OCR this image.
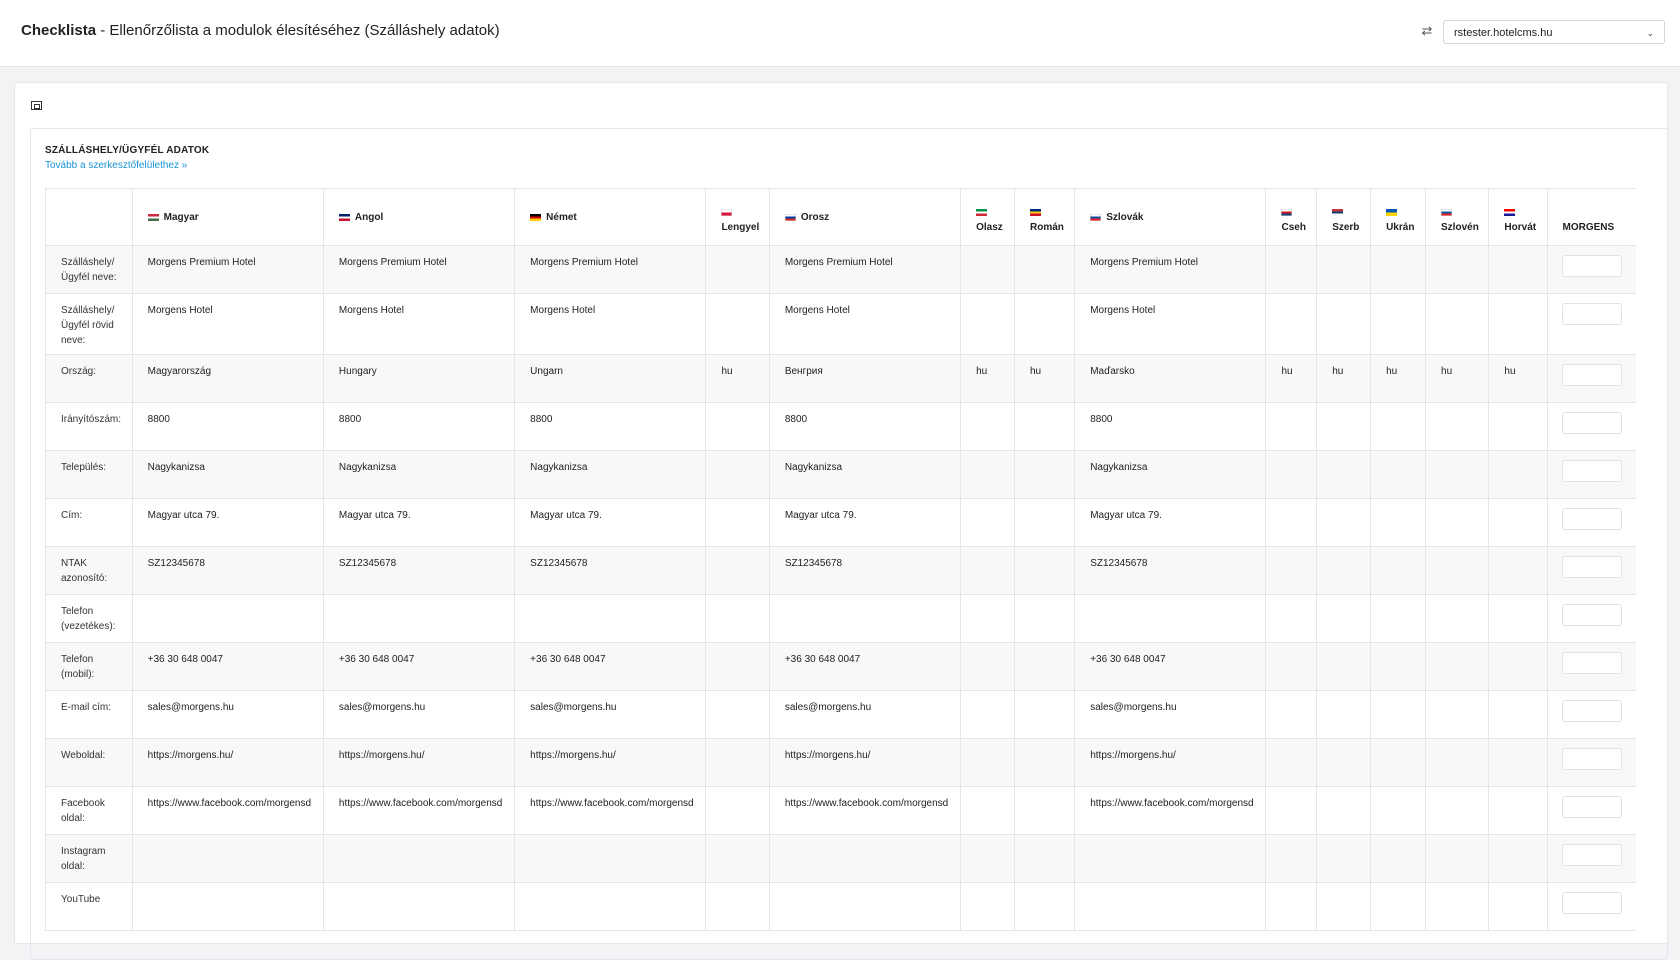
Checklista - Ellenőrzőlista a modulok élesítéséhez (Szálláshely adatok)	⇄	rstester.hotelcms.hu	⌄
SZÁLLÁSHELY/ÜGYFÉL ADATOK
Tovább a szerkesztőfelülethez »
	Magyar	Angol	Német	Lengyel	Orosz	Olasz	Román	Szlovák	Cseh	Szerb	Ukrán	Szlovén	Horvát	MORGENS
Szálláshely/ Ügyfél neve:	Morgens Premium Hotel	Morgens Premium Hotel	Morgens Premium Hotel		Morgens Premium Hotel			Morgens Premium Hotel						

Szálláshely/ Ügyfél rövid neve:	Morgens Hotel	Morgens Hotel	Morgens Hotel		Morgens Hotel			Morgens Hotel						

Ország:	Magyarország	Hungary	Ungarn	hu	Венгрия	hu	hu	Maďarsko	hu	hu	hu	hu	hu	

Irányítószám:	8800	8800	8800		8800			8800						

Település:	Nagykanizsa	Nagykanizsa	Nagykanizsa		Nagykanizsa			Nagykanizsa						

Cím:	Magyar utca 79.	Magyar utca 79.	Magyar utca 79.		Magyar utca 79.			Magyar utca 79.						

NTAK azonosító:	SZ12345678	SZ12345678	SZ12345678		SZ12345678			SZ12345678						

Telefon (vezetékes):														

Telefon (mobil):	+36 30 648 0047	+36 30 648 0047	+36 30 648 0047		+36 30 648 0047			+36 30 648 0047						

E-mail cím:	sales@morgens.hu	sales@morgens.hu	sales@morgens.hu		sales@morgens.hu			sales@morgens.hu						

Weboldal:	https://morgens.hu/	https://morgens.hu/	https://morgens.hu/		https://morgens.hu/			https://morgens.hu/						

Facebook oldal:	https://www.facebook.com/morgensd	https://www.facebook.com/morgensd	https://www.facebook.com/morgensd		https://www.facebook.com/morgensd			https://www.facebook.com/morgensd						

Instagram oldal:														

YouTube														
